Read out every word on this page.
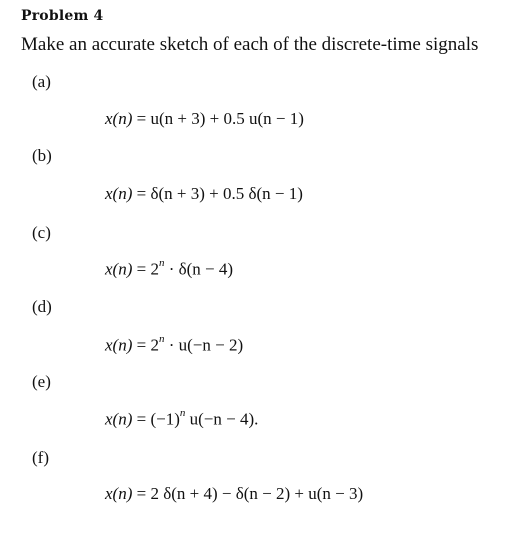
Problem 4
Make an accurate sketch of each of the discrete-time signals
(a)
x(n) = u(n + 3) + 0.5 u(n − 1)
(b)
x(n) = δ(n + 3) + 0.5 δ(n − 1)
(c)
$x(n) = 2^n \cdot \delta(n - 4)$
(d)
$x(n) = 2^n \cdot u(-n - 2)$
(e)
$x(n) = (-1)^n$ u(−n − 4).
(f)
x(n) = 2 δ(n + 4) − δ(n − 2) + u(n − 3)
